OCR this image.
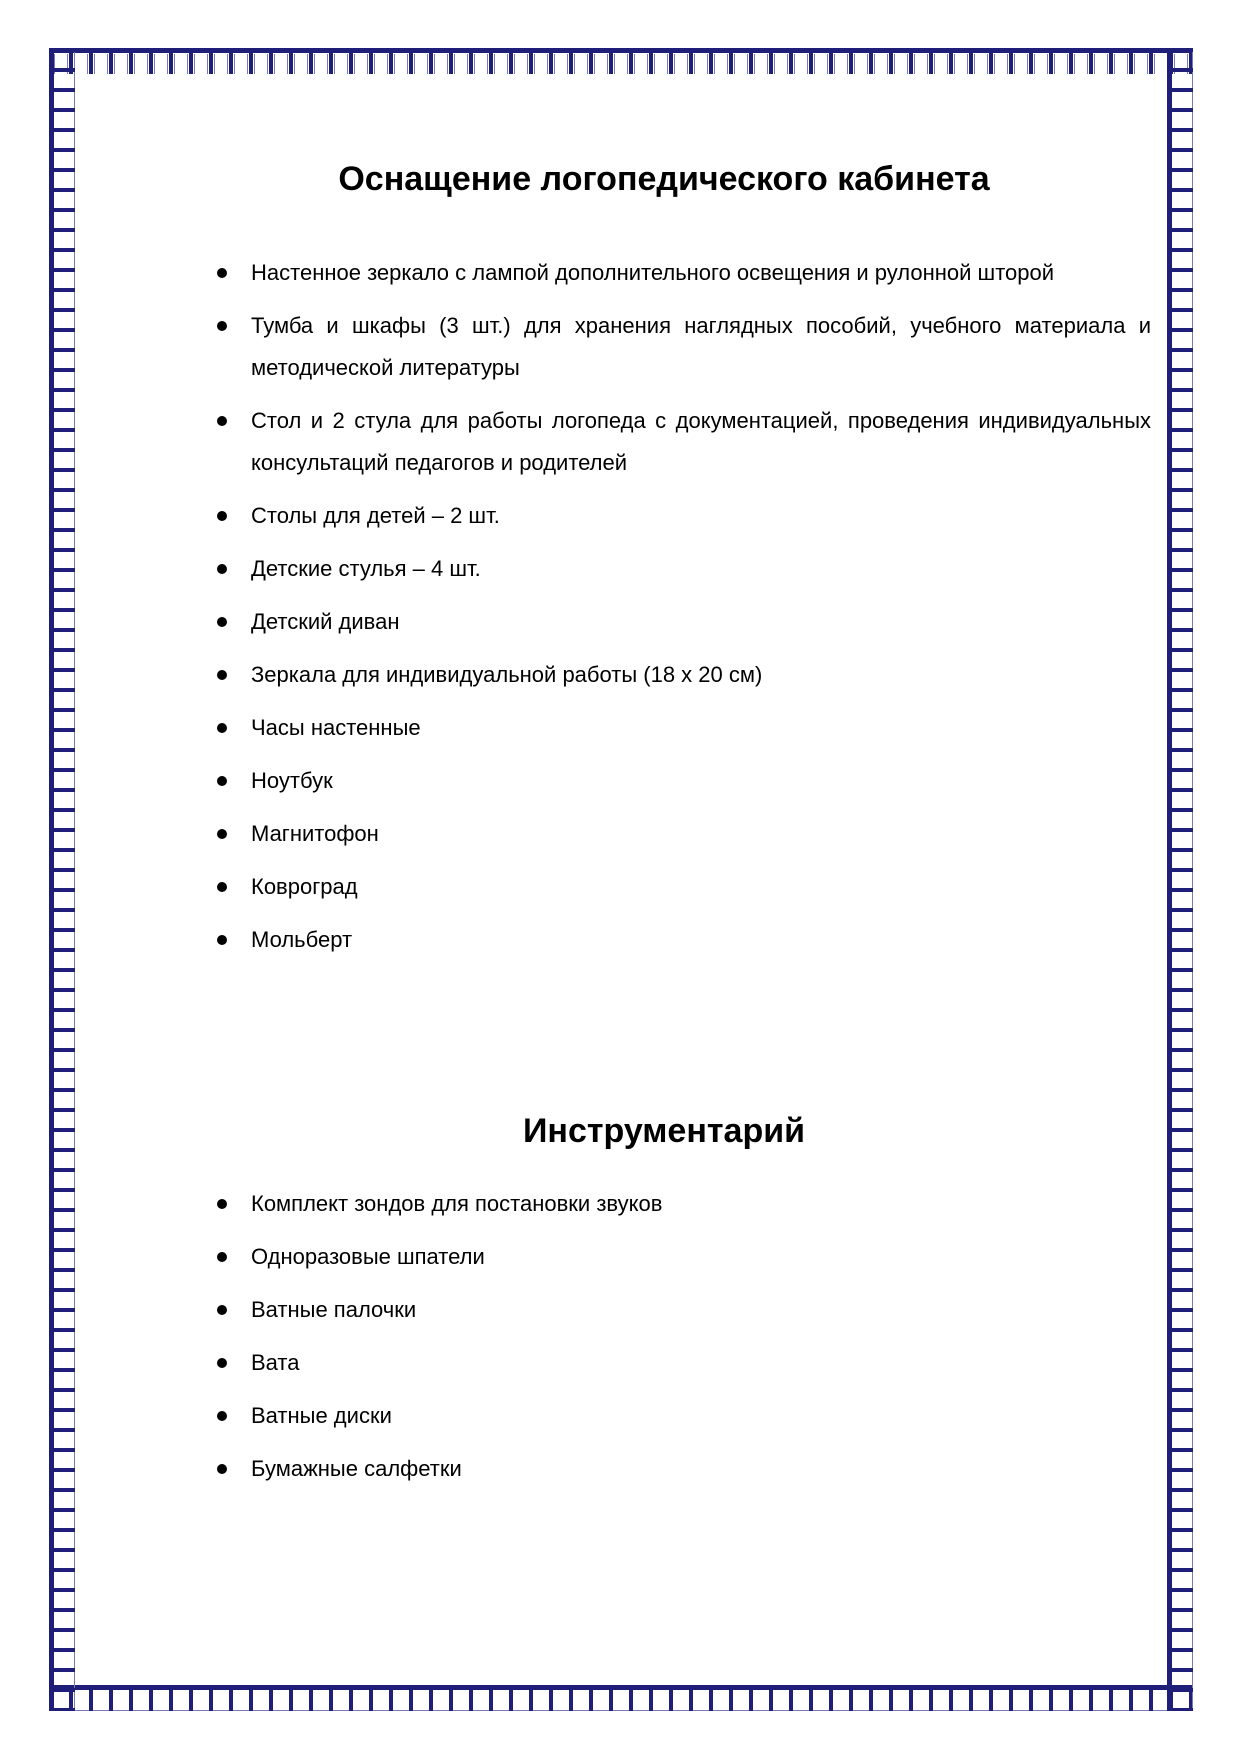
Оснащение логопедического кабинета
Настенное зеркало с лампой дополнительного освещения и рулонной шторой
Тумба и шкафы (3 шт.) для хранения наглядных пособий, учебного материала и методической литературы
Стол и 2 стула для работы логопеда с документацией, проведения индивидуальных консультаций педагогов и родителей
Столы для детей – 2 шт.
Детские стулья – 4 шт.
Детский диван
Зеркала для индивидуальной работы (18 х 20 см)
Часы настенные
Ноутбук
Магнитофон
Ковроград
Мольберт
Инструментарий
Комплект зондов для постановки звуков
Одноразовые шпатели
Ватные палочки
Вата
Ватные диски
Бумажные салфетки
